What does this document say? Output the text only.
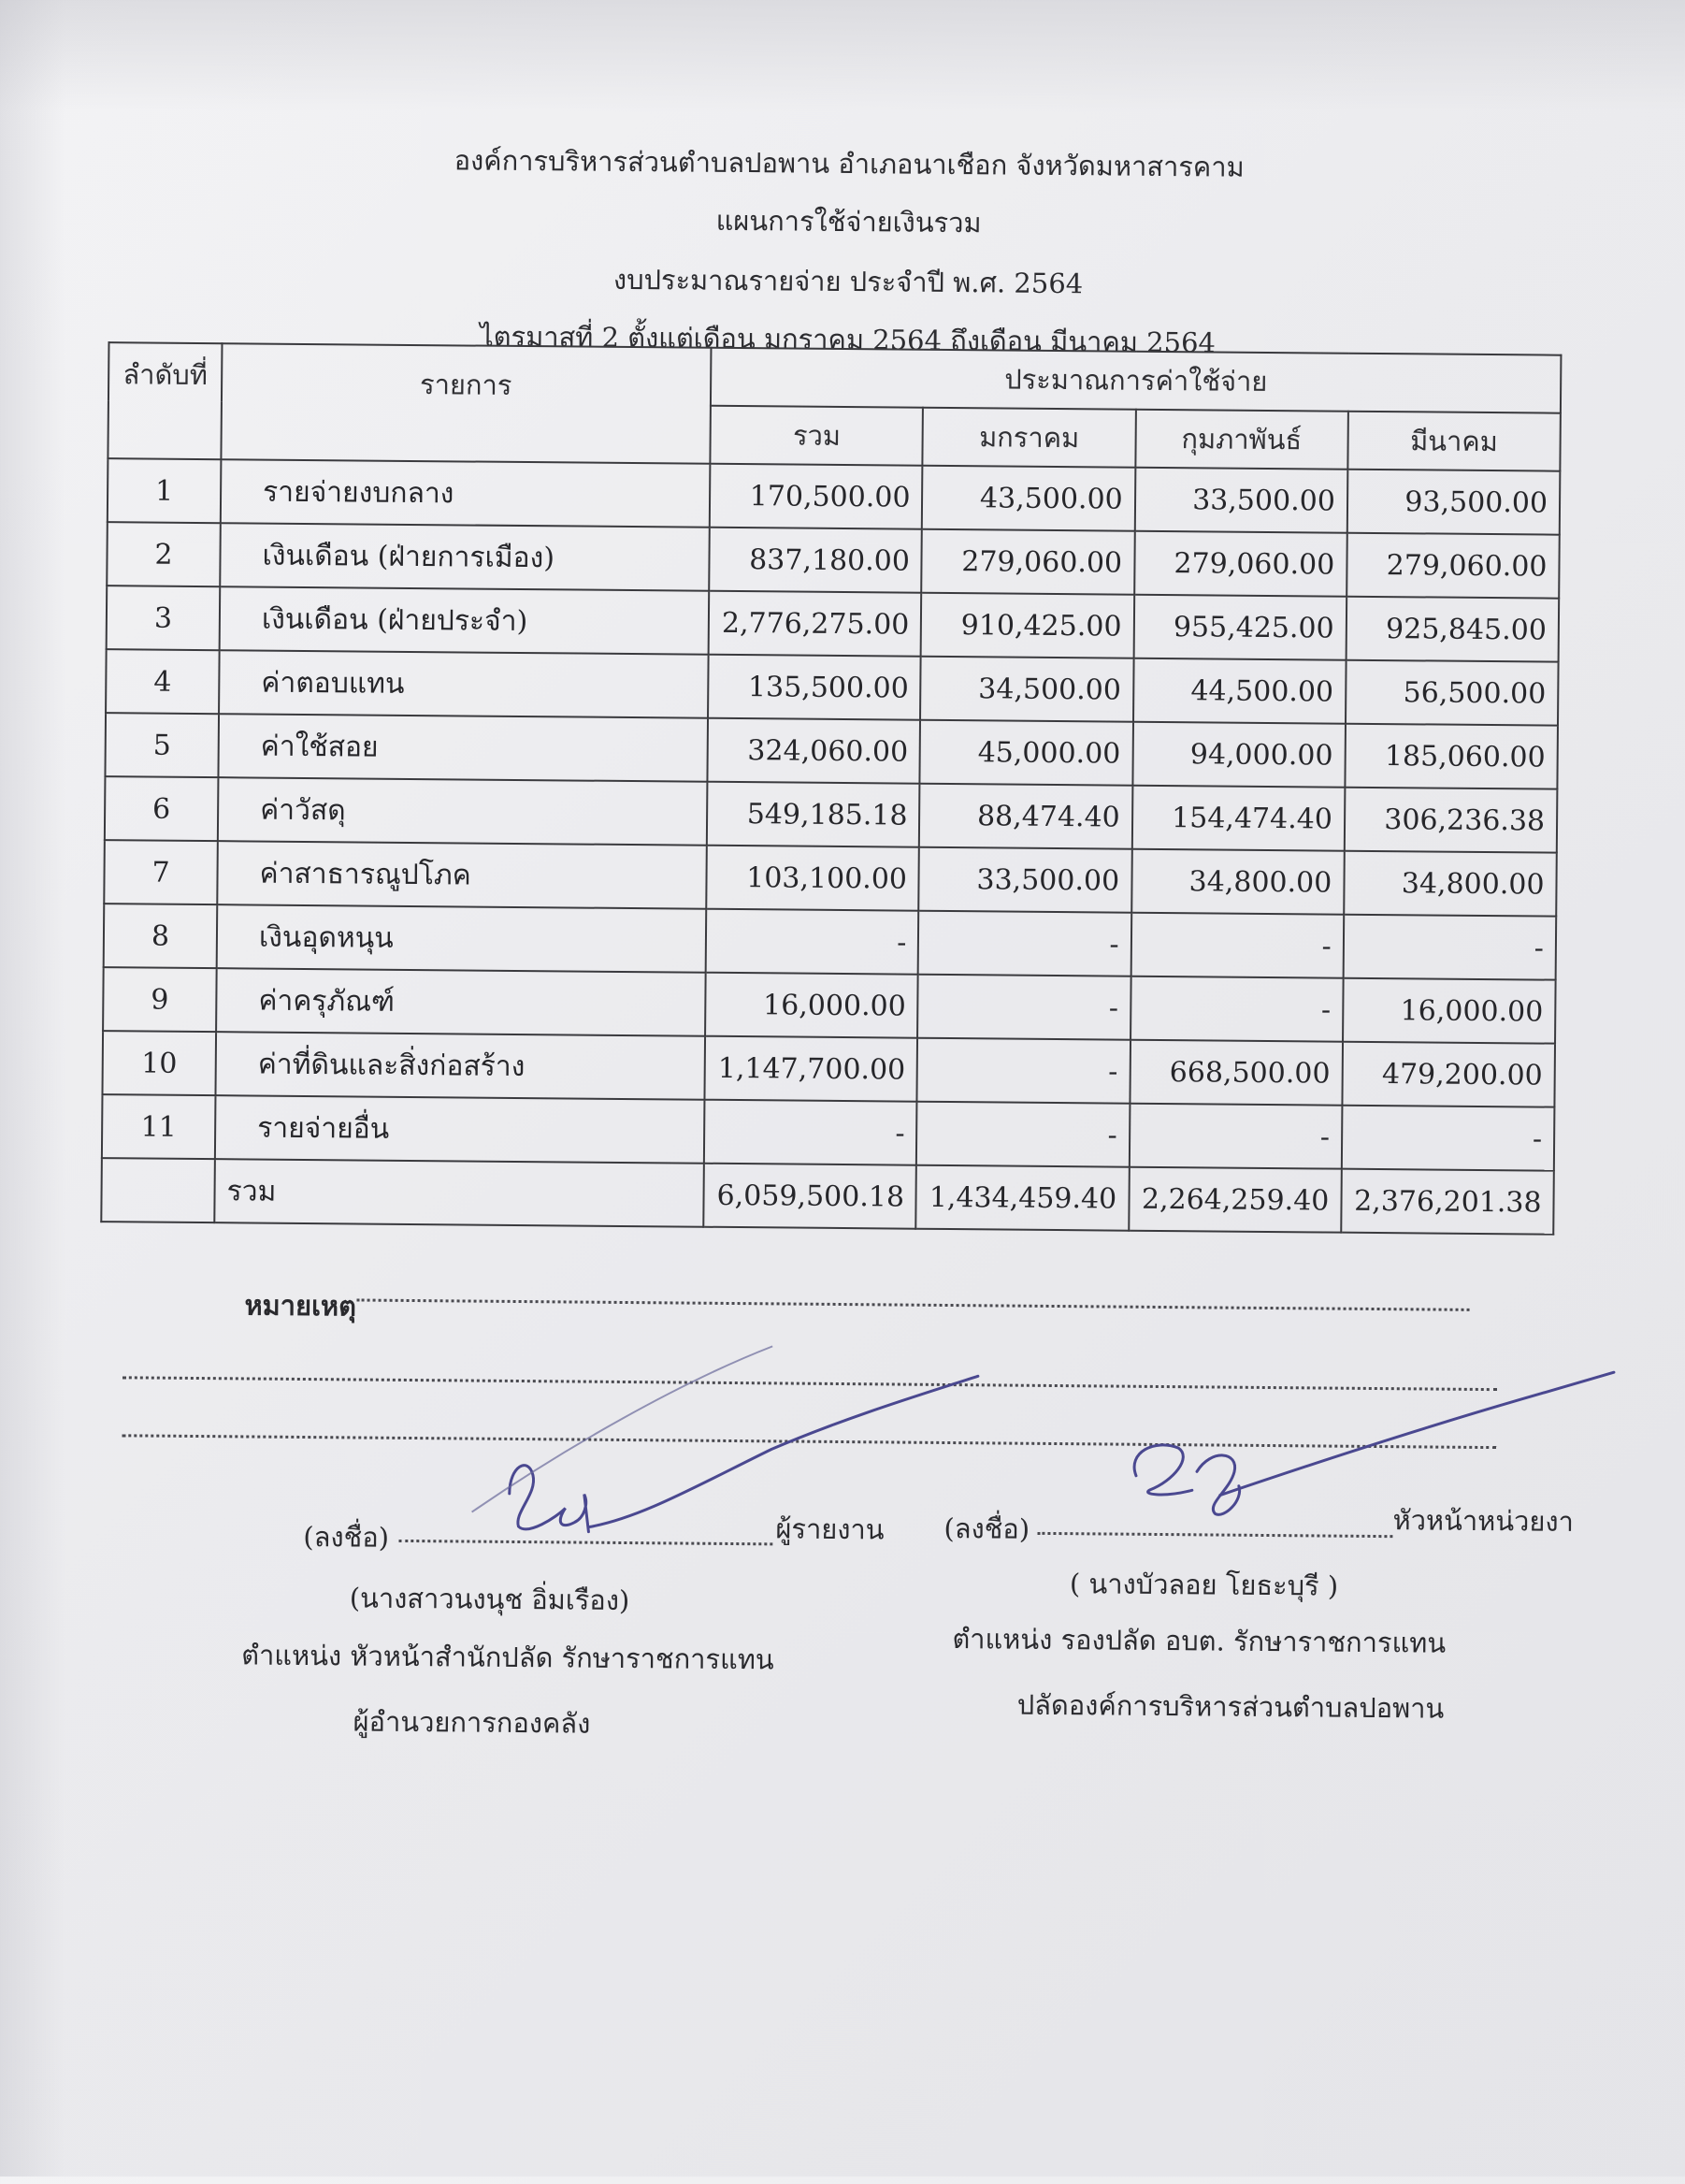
องค์การบริหารส่วนตำบลปอพาน อำเภอนาเชือก จังหวัดมหาสารคาม
แผนการใช้จ่ายเงินรวม
งบประมาณรายจ่าย ประจำปี พ.ศ. 2564
ไตรมาสที่ 2 ตั้งแต่เดือน มกราคม 2564 ถึงเดือน มีนาคม 2564
ลำดับที่	รายการ	ประมาณการค่าใช้จ่าย			
		รวม	มกราคม	กุมภาพันธ์	มีนาคม
1	รายจ่ายงบกลาง	170,500.00	43,500.00	33,500.00	93,500.00
2	เงินเดือน (ฝ่ายการเมือง)	837,180.00	279,060.00	279,060.00	279,060.00
3	เงินเดือน (ฝ่ายประจำ)	2,776,275.00	910,425.00	955,425.00	925,845.00
4	ค่าตอบแทน	135,500.00	34,500.00	44,500.00	56,500.00
5	ค่าใช้สอย	324,060.00	45,000.00	94,000.00	185,060.00
6	ค่าวัสดุ	549,185.18	88,474.40	154,474.40	306,236.38
7	ค่าสาธารณูปโภค	103,100.00	33,500.00	34,800.00	34,800.00
8	เงินอุดหนุน	-	-	-	-
9	ค่าครุภัณฑ์	16,000.00	-	-	16,000.00
10	ค่าที่ดินและสิ่งก่อสร้าง	1,147,700.00	-	668,500.00	479,200.00
11	รายจ่ายอื่น	-	-	-	-
	รวม	6,059,500.18	1,434,459.40	2,264,259.40	2,376,201.38
หมายเหตุ
(ลงชื่อ)	ผู้รายงาน
(นางสาวนงนุช อิ่มเรือง)
ตำแหน่ง หัวหน้าสำนักปลัด รักษาราชการแทน
ผู้อำนวยการกองคลัง
(ลงชื่อ)	หัวหน้าหน่วยงา
( นางบัวลอย โยธะบุรี )
ตำแหน่ง รองปลัด อบต. รักษาราชการแทน
ปลัดองค์การบริหารส่วนตำบลปอพาน
